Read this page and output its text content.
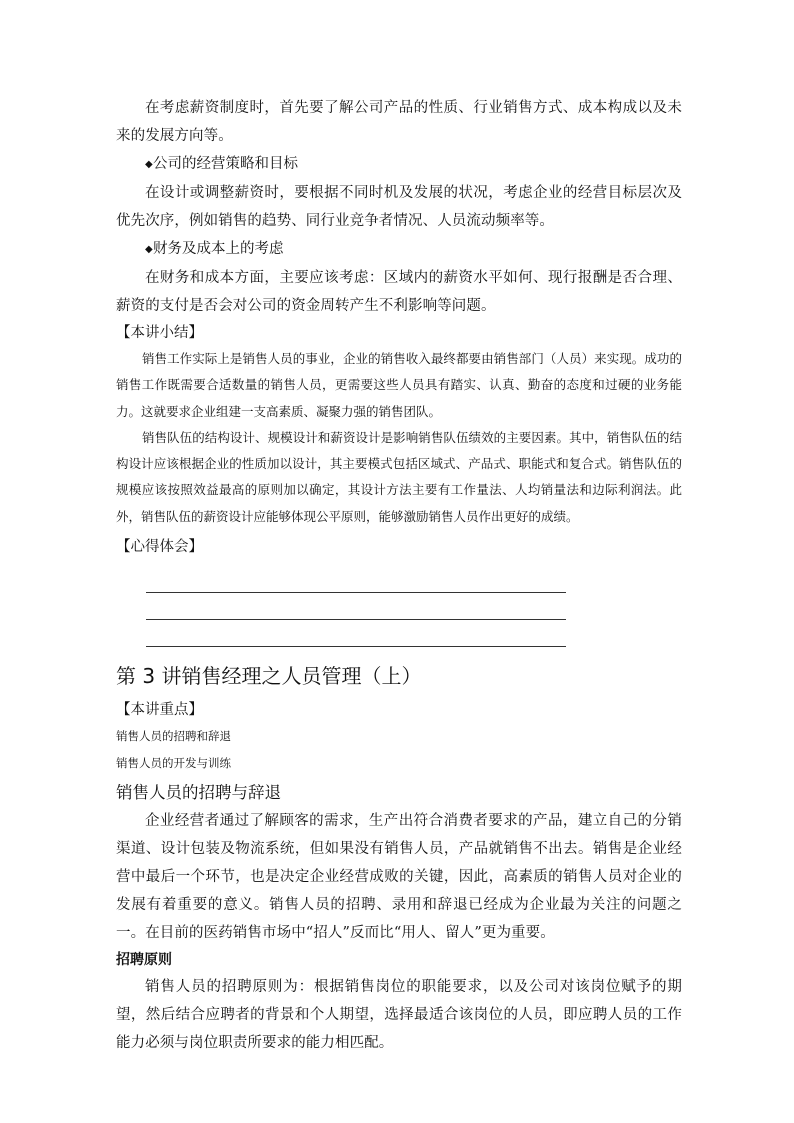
在考虑薪资制度时，首先要了解公司产品的性质、行业销售方式、成本构成以及未来的发展方向等。

◆公司的经营策略和目标

在设计或调整薪资时，要根据不同时机及发展的状况，考虑企业的经营目标层次及优先次序，例如销售的趋势、同行业竞争者情况、人员流动频率等。

◆财务及成本上的考虑

在财务和成本方面，主要应该考虑：区域内的薪资水平如何、现行报酬是否合理、薪资的支付是否会对公司的资金周转产生不利影响等问题。

【本讲小结】

销售工作实际上是销售人员的事业，企业的销售收入最终都要由销售部门（人员）来实现。成功的销售工作既需要合适数量的销售人员，更需要这些人员具有踏实、认真、勤奋的态度和过硬的业务能力。这就要求企业组建一支高素质、凝聚力强的销售团队。

销售队伍的结构设计、规模设计和薪资设计是影响销售队伍绩效的主要因素。其中，销售队伍的结构设计应该根据企业的性质加以设计，其主要模式包括区域式、产品式、职能式和复合式。销售队伍的规模应该按照效益最高的原则加以确定，其设计方法主要有工作量法、人均销量法和边际利润法。此外，销售队伍的薪资设计应能够体现公平原则，能够激励销售人员作出更好的成绩。

【心得体会】

第 3 讲销售经理之人员管理（上）

【本讲重点】

销售人员的招聘和辞退

销售人员的开发与训练

销售人员的招聘与辞退

企业经营者通过了解顾客的需求，生产出符合消费者要求的产品，建立自己的分销渠道、设计包装及物流系统，但如果没有销售人员，产品就销售不出去。销售是企业经营中最后一个环节，也是决定企业经营成败的关键，因此，高素质的销售人员对企业的发展有着重要的意义。销售人员的招聘、录用和辞退已经成为企业最为关注的问题之一。在目前的医药销售市场中“招人”反而比“用人、留人”更为重要。

招聘原则

销售人员的招聘原则为：根据销售岗位的职能要求，以及公司对该岗位赋予的期望，然后结合应聘者的背景和个人期望，选择最适合该岗位的人员，即应聘人员的工作能力必须与岗位职责所要求的能力相匹配。
